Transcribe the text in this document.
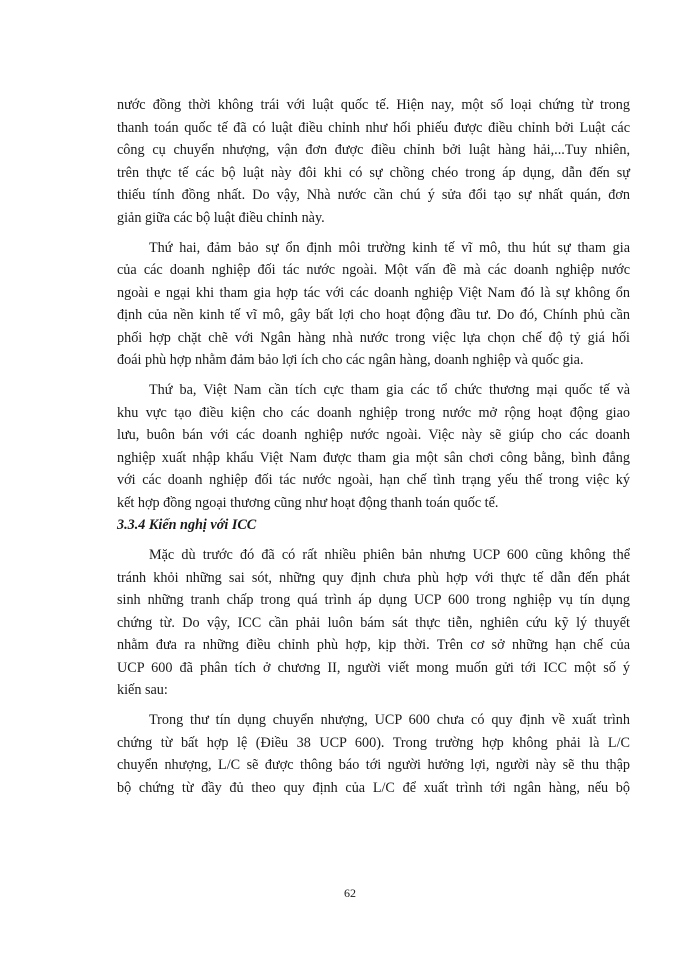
nước đồng thời không trái với luật quốc tế. Hiện nay, một số loại chứng từ trong
thanh toán quốc tế đã có luật điều chỉnh như hối phiếu được điều chỉnh bởi Luật các
công cụ chuyển nhượng, vận đơn được điều chỉnh bởi luật hàng hải,...Tuy nhiên,
trên thực tế các bộ luật này đôi khi có sự chồng chéo trong áp dụng, dẫn đến sự
thiếu tính đồng nhất. Do vậy, Nhà nước cần chú ý sửa đổi tạo sự nhất quán, đơn
giản giữa các bộ luật điều chỉnh này.
Thứ hai, đảm bảo sự ổn định môi trường kinh tế vĩ mô, thu hút sự tham gia
của các doanh nghiệp đối tác nước ngoài. Một vấn đề mà các doanh nghiệp nước
ngoài e ngại khi tham gia hợp tác với các doanh nghiệp Việt Nam đó là sự không ổn
định của nền kinh tế vĩ mô, gây bất lợi cho hoạt động đầu tư. Do đó, Chính phủ cần
phối hợp chặt chẽ với Ngân hàng nhà nước trong việc lựa chọn chế độ tỷ giá hối
đoái phù hợp nhằm đảm bảo lợi ích cho các ngân hàng, doanh nghiệp và quốc gia.
Thứ ba, Việt Nam cần tích cực tham gia các tổ chức thương mại quốc tế và
khu vực tạo điều kiện cho các doanh nghiệp trong nước mở rộng hoạt động giao
lưu, buôn bán với các doanh nghiệp nước ngoài. Việc này sẽ giúp cho các doanh
nghiệp xuất nhập khẩu Việt Nam được tham gia một sân chơi công bằng, bình đẳng
với các doanh nghiệp đối tác nước ngoài, hạn chế tình trạng yếu thế trong việc ký
kết hợp đồng ngoại thương cũng như hoạt động thanh toán quốc tế.
3.3.4 Kiến nghị với ICC
Mặc dù trước đó đã có rất nhiều phiên bản nhưng UCP 600 cũng không thể
tránh khỏi những sai sót, những quy định chưa phù hợp với thực tế dẫn đến phát
sinh những tranh chấp trong quá trình áp dụng UCP 600 trong nghiệp vụ tín dụng
chứng từ. Do vậy, ICC cần phải luôn bám sát thực tiễn, nghiên cứu kỹ lý thuyết
nhằm đưa ra những điều chỉnh phù hợp, kịp thời. Trên cơ sở những hạn chế của
UCP 600 đã phân tích ở chương II, người viết mong muốn gửi tới ICC một số ý
kiến sau:
Trong thư tín dụng chuyển nhượng, UCP 600 chưa có quy định về xuất trình
chứng từ bất hợp lệ (Điều 38 UCP 600). Trong trường hợp không phải là L/C
chuyển nhượng, L/C sẽ được thông báo tới người hưởng lợi, người này sẽ thu thập
bộ chứng từ đầy đủ theo quy định của L/C để xuất trình tới ngân hàng, nếu bộ
62
